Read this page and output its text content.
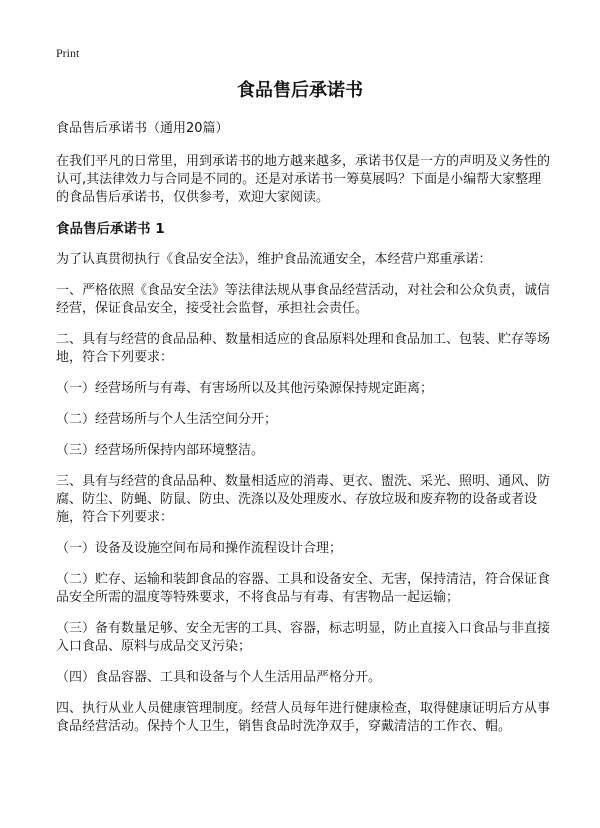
Print
食品售后承诺书

食品售后承诺书（通用20篇）

在我们平凡的日常里，用到承诺书的地方越来越多，承诺书仅是一方的声明及义务性的认可,其法律效力与合同是不同的。还是对承诺书一筹莫展吗？下面是小编帮大家整理的食品售后承诺书，仅供参考，欢迎大家阅读。

食品售后承诺书 1

为了认真贯彻执行《食品安全法》，维护食品流通安全，本经营户郑重承诺：

一、严格依照《食品安全法》等法律法规从事食品经营活动，对社会和公众负责，诚信经营，保证食品安全，接受社会监督，承担社会责任。

二、具有与经营的食品品种、数量相适应的食品原料处理和食品加工、包装、贮存等场地，符合下列要求：

（一）经营场所与有毒、有害场所以及其他污染源保持规定距离；

（二）经营场所与个人生活空间分开；

（三）经营场所保持内部环境整洁。

三、具有与经营的食品品种、数量相适应的消毒、更衣、盥洗、采光、照明、通风、防腐、防尘、防蝇、防鼠、防虫、洗涤以及处理废水、存放垃圾和废弃物的设备或者设施，符合下列要求：

（一）设备及设施空间布局和操作流程设计合理；

（二）贮存、运输和装卸食品的容器、工具和设备安全、无害，保持清洁，符合保证食品安全所需的温度等特殊要求，不将食品与有毒、有害物品一起运输；

（三）备有数量足够、安全无害的工具、容器，标志明显，防止直接入口食品与非直接入口食品、原料与成品交叉污染；

（四）食品容器、工具和设备与个人生活用品严格分开。

四、执行从业人员健康管理制度。经营人员每年进行健康检查，取得健康证明后方从事食品经营活动。保持个人卫生，销售食品时洗净双手，穿戴清洁的工作衣、帽。
